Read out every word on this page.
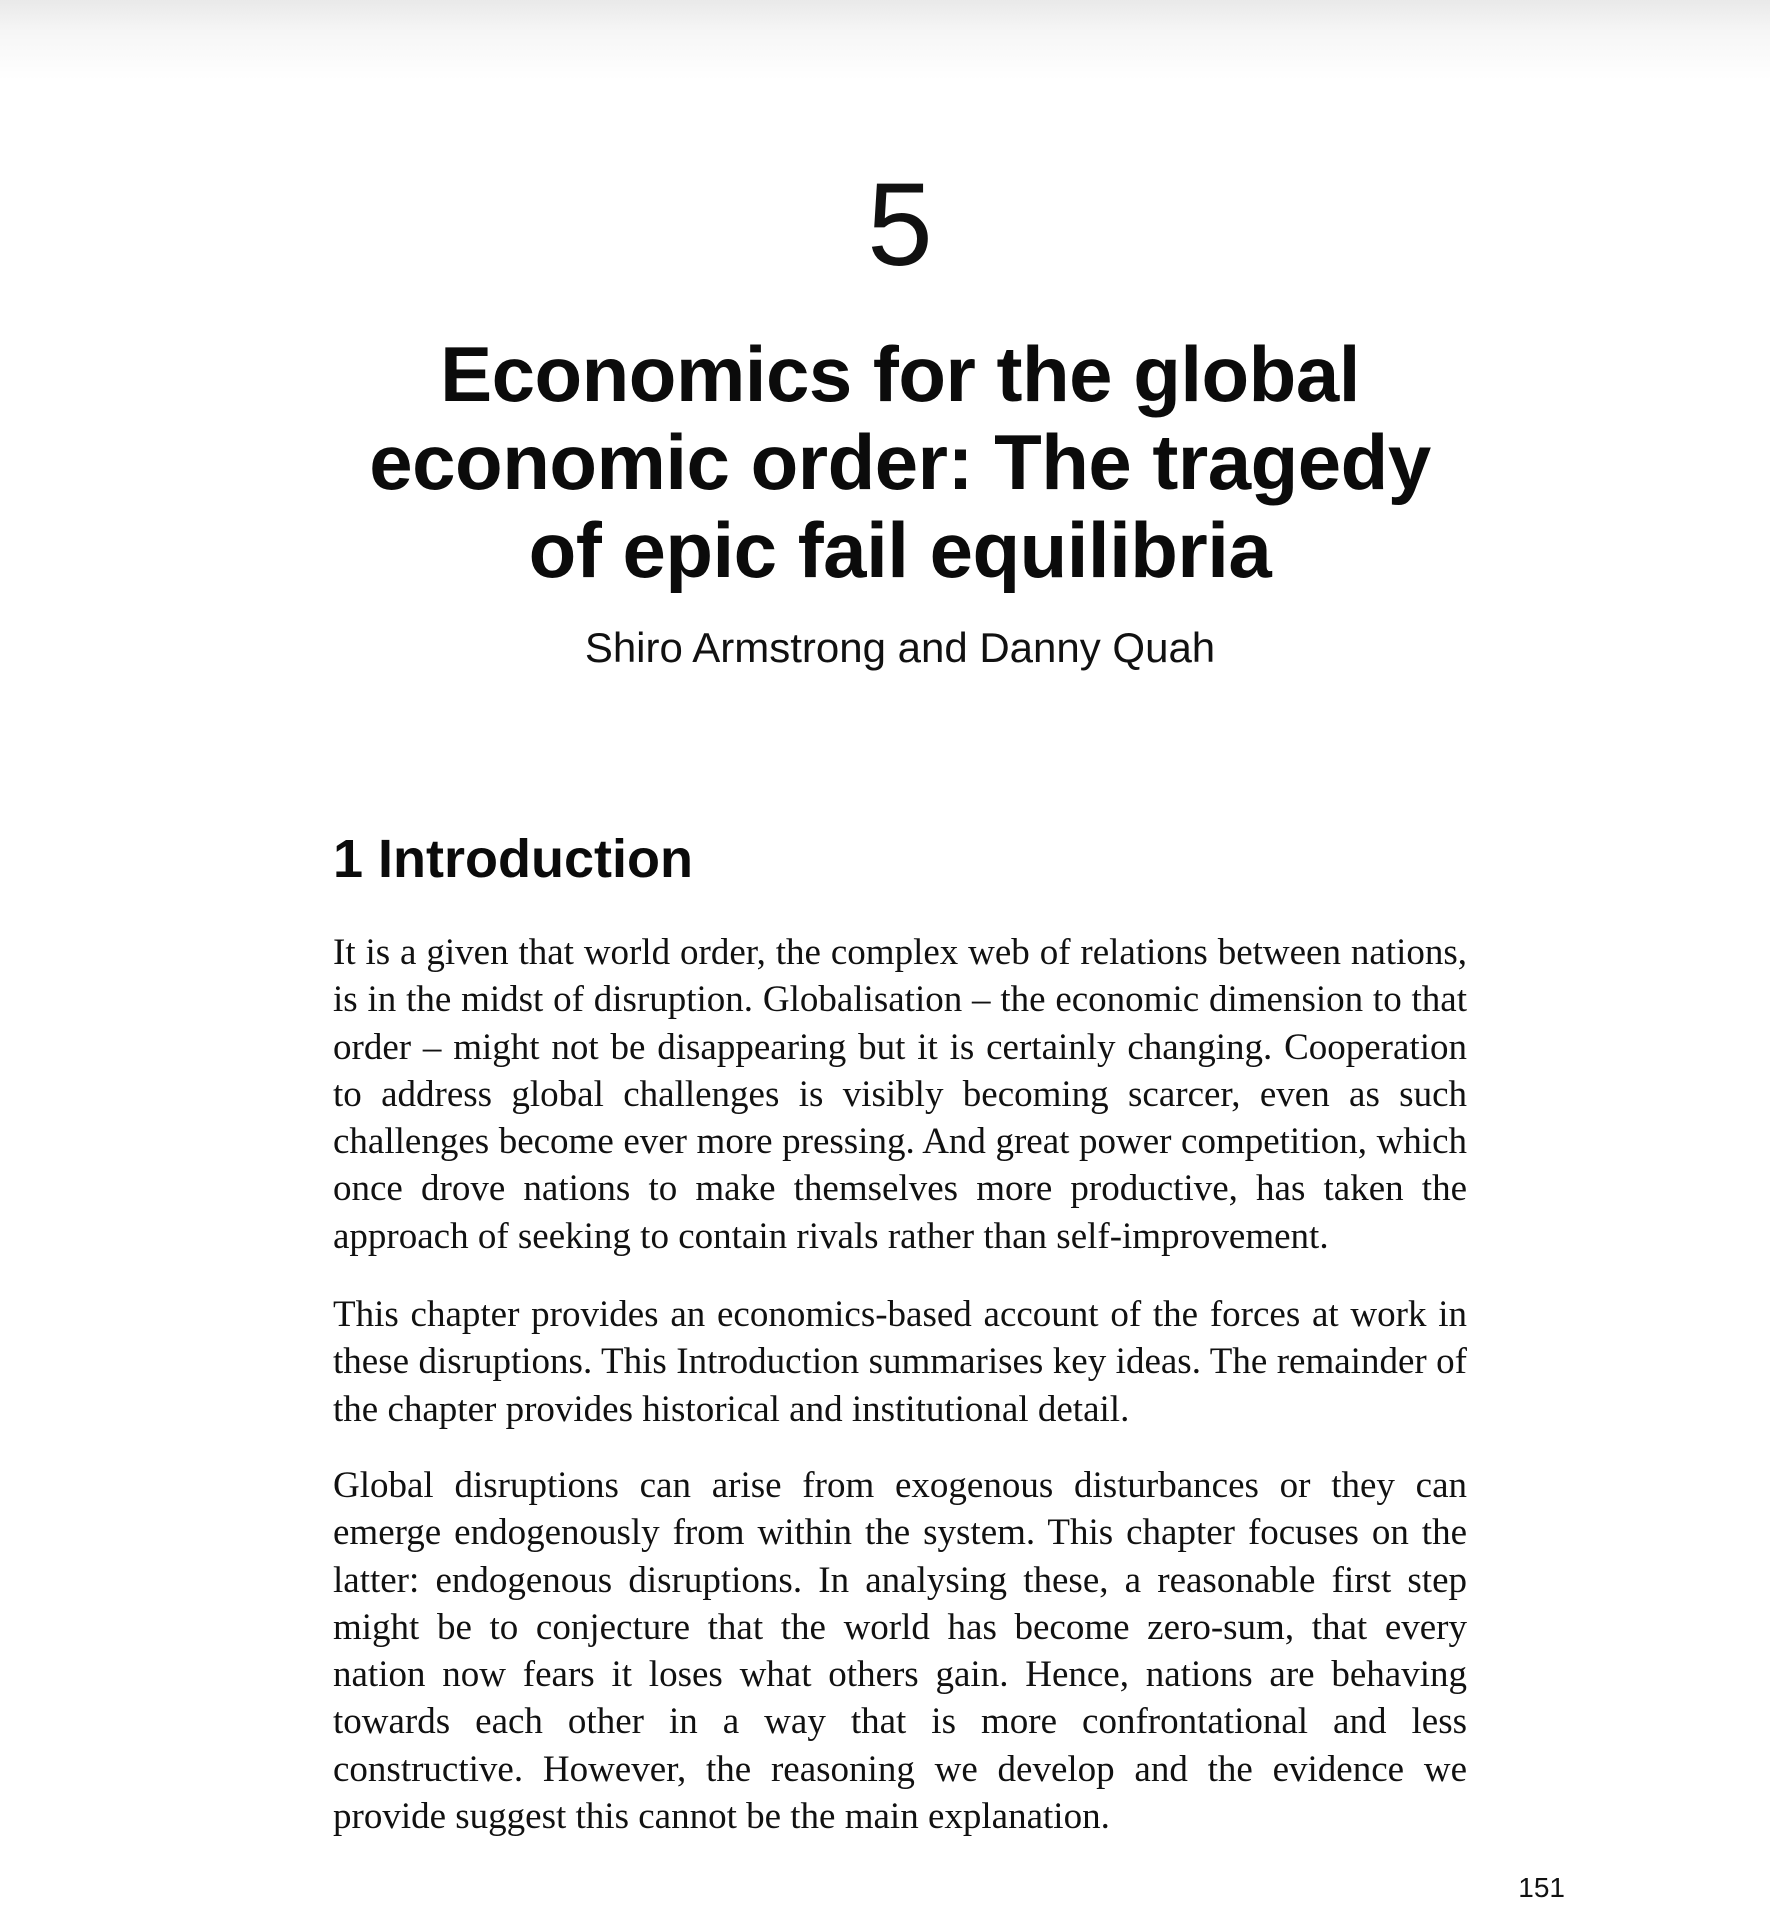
5
Economics for the global
economic order: The tragedy
of epic fail equilibria
Shiro Armstrong and Danny Quah
1 Introduction

It is a given that world order, the complex web of relations between nations, is in the midst of disruption. Globalisation – the economic dimension to that order – might not be disappearing but it is certainly changing. Cooperation to address global challenges is visibly becoming scarcer, even as such challenges become ever more pressing. And great power competition, which once drove nations to make themselves more productive, has taken the approach of seeking to contain rivals rather than self-improvement.

This chapter provides an economics-based account of the forces at work in these disruptions. This Introduction summarises key ideas. The remainder of the chapter provides historical and institutional detail.

Global disruptions can arise from exogenous disturbances or they can emerge endogenously from within the system. This chapter focuses on the latter: endogenous disruptions. In analysing these, a reasonable first step might be to conjecture that the world has become zero-sum, that every nation now fears it loses what others gain. Hence, nations are behaving towards each other in a way that is more confrontational and less constructive. However, the reasoning we develop and the evidence we provide suggest this cannot be the main explanation.

151
